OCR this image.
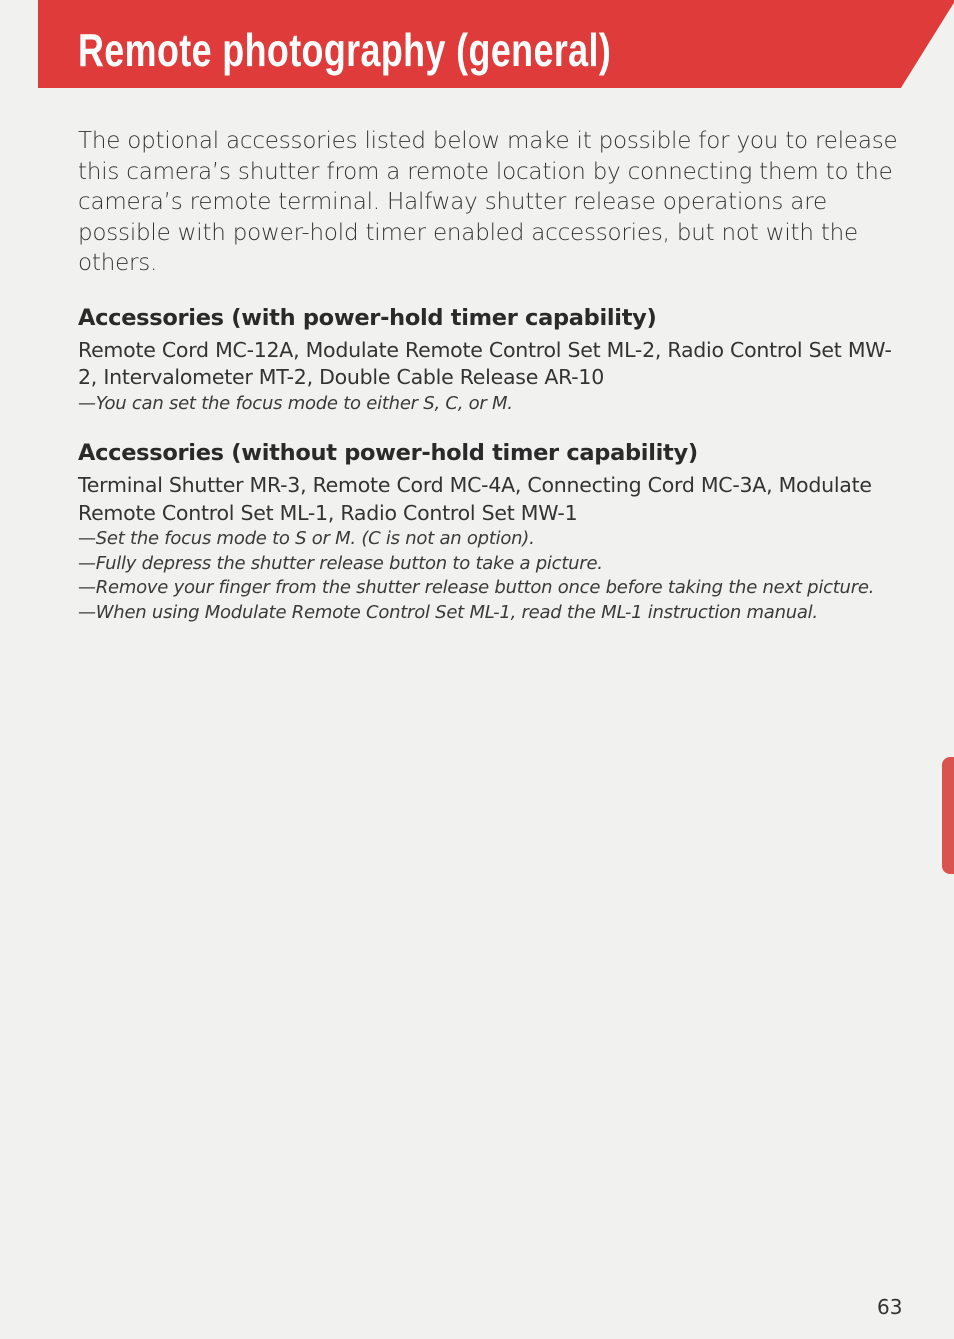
Remote photography (general)

The optional accessories listed below make it possible for you to release this camera’s shutter from a remote location by connecting them to the camera’s remote terminal. Halfway shutter release operations are possible with power-hold timer enabled accessories, but not with the others.

Accessories (with power-hold timer capability)

Remote Cord MC-12A, Modulate Remote Control Set ML-2, Radio Control Set MW-2, Intervalometer MT-2, Double Cable Release AR-10

—You can set the focus mode to either S, C, or M.
Accessories (without power-hold timer capability)

Terminal Shutter MR-3, Remote Cord MC-4A, Connecting Cord MC-3A, Modulate Remote Control Set ML-1, Radio Control Set MW-1

—Set the focus mode to S or M. (C is not an option).
—Fully depress the shutter release button to take a picture.
—Remove your finger from the shutter release button once before taking the next picture.
—When using Modulate Remote Control Set ML-1, read the ML-1 instruction manual.
63
